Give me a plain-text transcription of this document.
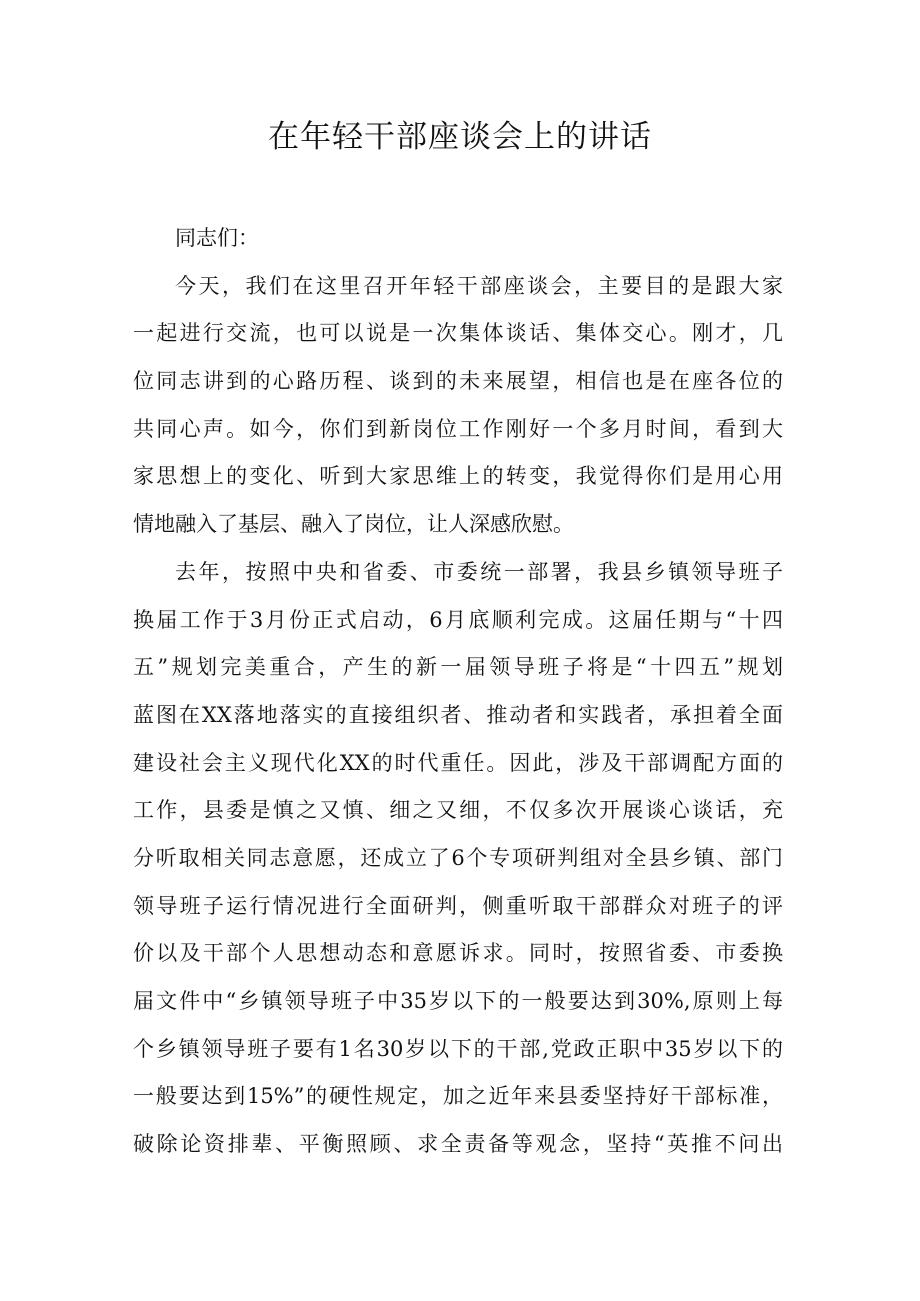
在年轻干部座谈会上的讲话
同志们：
今天，我们在这里召开年轻干部座谈会，主要目的是跟大家
一起进行交流，也可以说是一次集体谈话、集体交心。刚才，几
位同志讲到的心路历程、谈到的未来展望，相信也是在座各位的
共同心声。如今，你们到新岗位工作刚好一个多月时间，看到大
家思想上的变化、听到大家思维上的转变，我觉得你们是用心用
情地融入了基层、融入了岗位，让人深感欣慰。
去年，按照中央和省委、市委统一部署，我县乡镇领导班子
换届工作于3月份正式启动，6月底顺利完成。这届任期与“十四
五”规划完美重合，产生的新一届领导班子将是“十四五”规划
蓝图在XX落地落实的直接组织者、推动者和实践者，承担着全面
建设社会主义现代化XX的时代重任。因此，涉及干部调配方面的
工作，县委是慎之又慎、细之又细，不仅多次开展谈心谈话，充
分听取相关同志意愿，还成立了6个专项研判组对全县乡镇、部门
领导班子运行情况进行全面研判，侧重听取干部群众对班子的评
价以及干部个人思想动态和意愿诉求。同时，按照省委、市委换
届文件中“乡镇领导班子中35岁以下的一般要达到30%,原则上每
个乡镇领导班子要有1名30岁以下的干部,党政正职中35岁以下的
一般要达到15%”的硬性规定，加之近年来县委坚持好干部标准，
破除论资排辈、平衡照顾、求全责备等观念，坚持“英推不问出
